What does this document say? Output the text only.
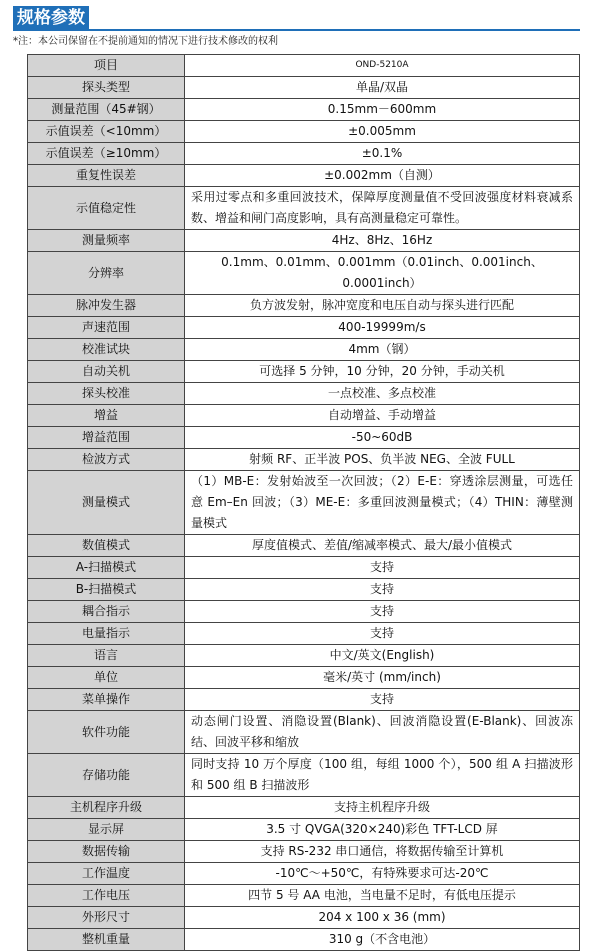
规格参数
*注：本公司保留在不提前通知的情况下进行技术修改的权利
项目	OND-5210A
探头类型	单晶/双晶
测量范围（45#钢）	0.15mm－600mm
示值误差（<10mm）	±0.005mm
示值误差（≥10mm）	±0.1%
重复性误差	±0.002mm（自测）
示值稳定性	采用过零点和多重回波技术，保障厚度测量值不受回波强度材料衰减系数、增益和闸门高度影响，具有高测量稳定可靠性。
测量频率	4Hz、8Hz、16Hz
分辨率	0.1mm、0.01mm、0.001mm（0.01inch、0.001inch、0.0001inch）
脉冲发生器	负方波发射，脉冲宽度和电压自动与探头进行匹配
声速范围	400-19999m/s
校准试块	4mm（钢）
自动关机	可选择 5 分钟，10 分钟，20 分钟，手动关机
探头校准	一点校准、多点校准
增益	自动增益、手动增益
增益范围	-50~60dB
检波方式	射频 RF、正半波 POS、负半波 NEG、全波 FULL
测量模式	（1）MB-E：发射始波至一次回波；（2）E-E：穿透涂层测量，可选任意 Em–En 回波；（3）ME-E：多重回波测量模式；（4）THIN：薄壁测量模式
数值模式	厚度值模式、差值/缩减率模式、最大/最小值模式
A-扫描模式	支持
B-扫描模式	支持
耦合指示	支持
电量指示	支持
语言	中文/英文(English)
单位	毫米/英寸 (mm/inch)
菜单操作	支持
软件功能	动态闸门设置、消隐设置(Blank)、回波消隐设置(E-Blank)、回波冻结、回波平移和缩放
存储功能	同时支持 10 万个厚度（100 组，每组 1000 个），500 组 A 扫描波形和 500 组 B 扫描波形
主机程序升级	支持主机程序升级
显示屏	3.5 寸 QVGA(320×240)彩色 TFT-LCD 屏
数据传输	支持 RS-232 串口通信，将数据传输至计算机
工作温度	-10℃～+50℃，有特殊要求可达-20℃
工作电压	四节 5 号 AA 电池，当电量不足时，有低电压提示
外形尺寸	204 x 100 x 36 (mm)
整机重量	310 g（不含电池）
